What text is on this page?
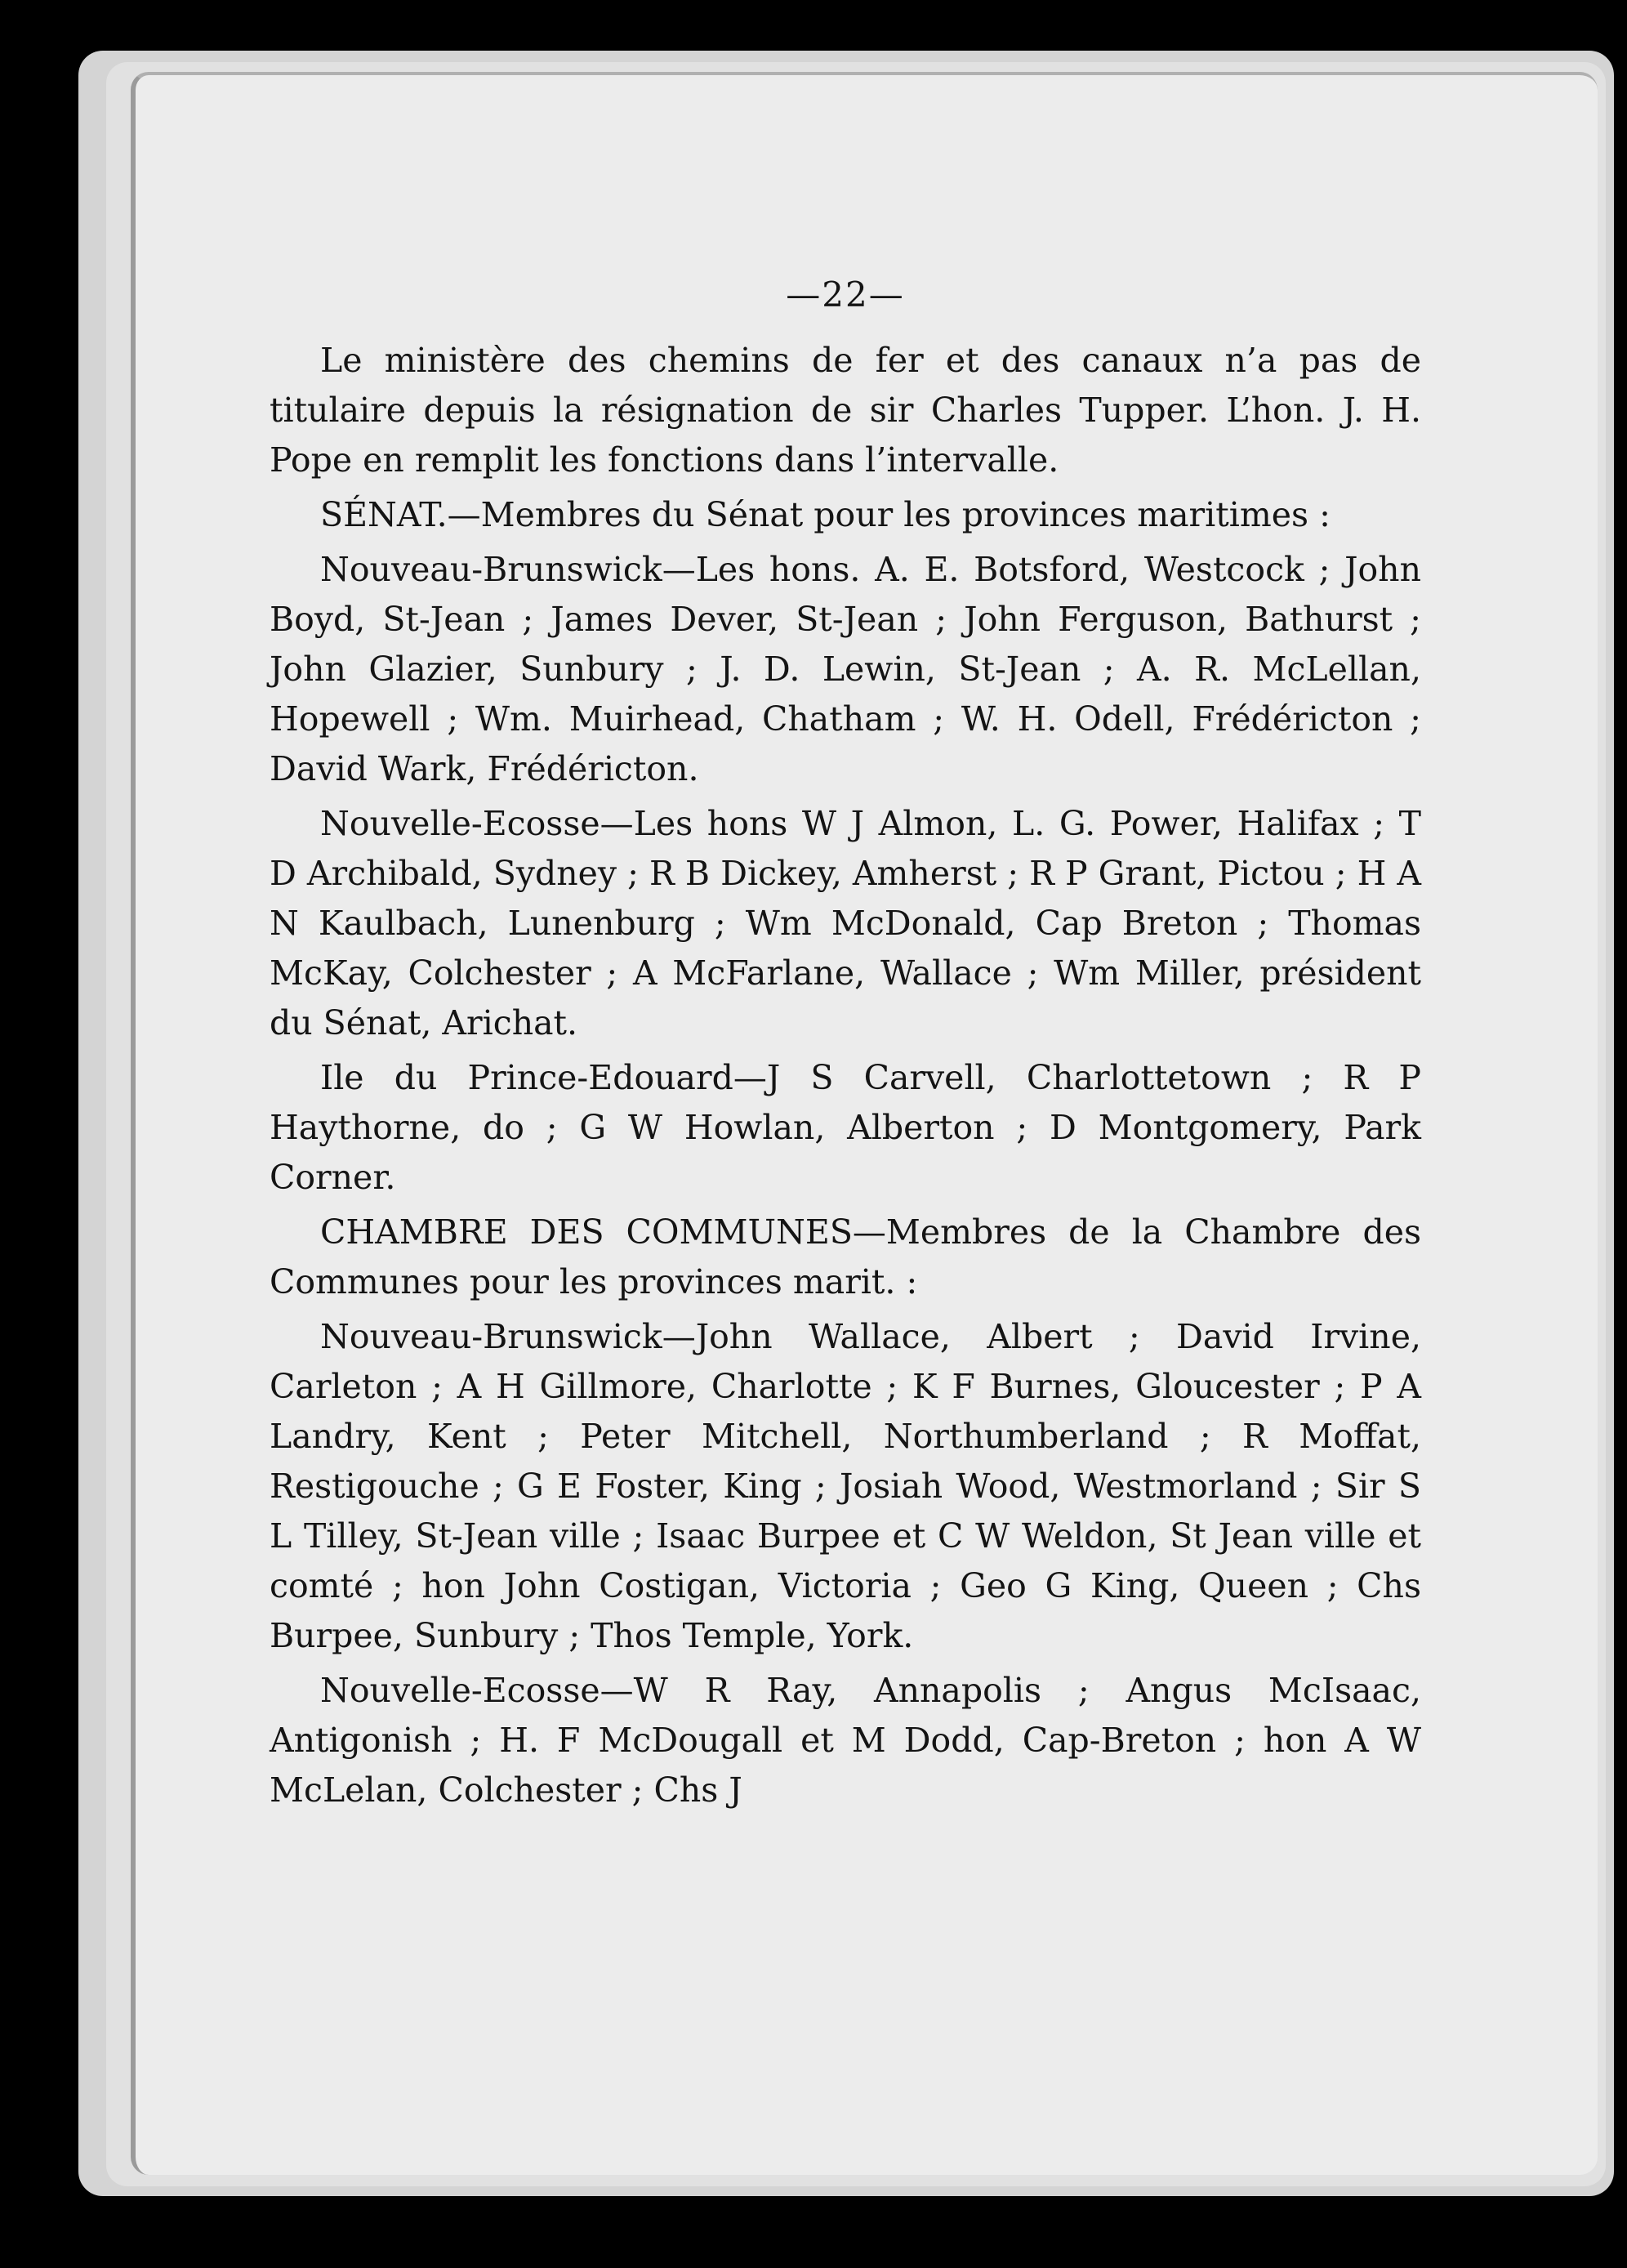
—22—

Le ministère des chemins de fer et des canaux n’a pas de titulaire depuis la résignation de sir Charles Tupper. L’hon. J. H. Pope en remplit les fonctions dans l’intervalle.

SÉNAT.—Membres du Sénat pour les provinces maritimes :

Nouveau-Brunswick—Les hons. A. E. Botsford, Westcock ; John Boyd, St-Jean ; James Dever, St-Jean ; John Ferguson, Bathurst ; John Glazier, Sunbury ; J. D. Lewin, St-Jean ; A. R. McLellan, Hopewell ; Wm. Muirhead, Chatham ; W. H. Odell, Frédéricton ; David Wark, Frédéricton.

Nouvelle-Ecosse—Les hons W J Almon, L. G. Power, Halifax ; T D Archibald, Sydney ; R B Dickey, Amherst ; R P Grant, Pictou ; H A N Kaulbach, Lunenburg ; Wm McDonald, Cap Breton ; Thomas McKay, Colchester ; A McFarlane, Wallace ; Wm Miller, président du Sénat, Arichat.

Ile du Prince-Edouard—J S Carvell, Charlottetown ; R P Haythorne, do ; G W Howlan, Alberton ; D Montgomery, Park Corner.

CHAMBRE DES COMMUNES—Membres de la Chambre des Communes pour les provinces marit. :

Nouveau-Brunswick—John Wallace, Albert ; David Irvine, Carleton ; A H Gillmore, Charlotte ; K F Burnes, Gloucester ; P A Landry, Kent ; Peter Mitchell, Northumberland ; R Moffat, Restigouche ; G E Foster, King ; Josiah Wood, Westmorland ; Sir S L Tilley, St-Jean ville ; Isaac Burpee et C W Weldon, St Jean ville et comté ; hon John Costigan, Victoria ; Geo G King, Queen ; Chs Burpee, Sunbury ; Thos Temple, York.

Nouvelle-Ecosse—W R Ray, Annapolis ; Angus McIsaac, Antigonish ; H. F McDougall et M Dodd, Cap-Breton ; hon A W McLelan, Colchester ; Chs J
